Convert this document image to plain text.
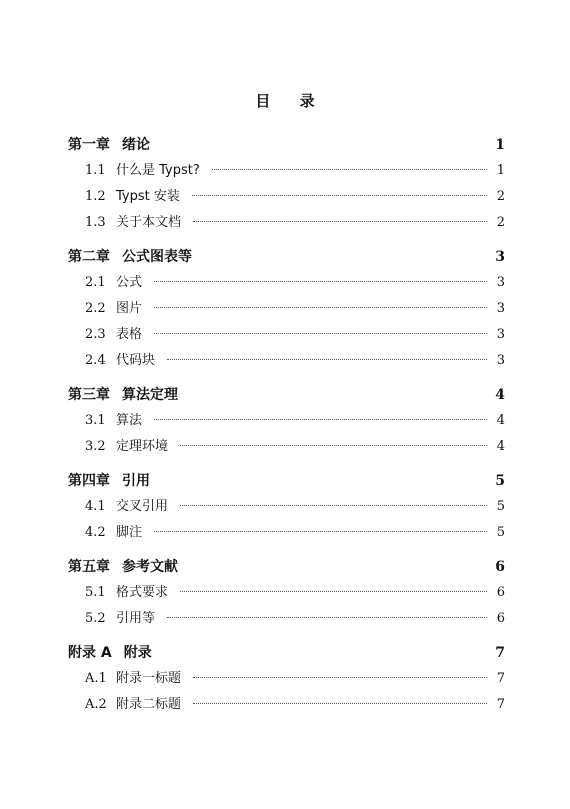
目 录
第一章 绪论	1
1.1 什么是 Typst?	1
1.2 Typst 安装	2
1.3 关于本文档	2
第二章 公式图表等	3
2.1 公式	3
2.2 图片	3
2.3 表格	3
2.4 代码块	3
第三章 算法定理	4
3.1 算法	4
3.2 定理环境	4
第四章 引用	5
4.1 交叉引用	5
4.2 脚注	5
第五章 参考文献	6
5.1 格式要求	6
5.2 引用等	6
附录 A 附录	7
A.1 附录一标题	7
A.2 附录二标题	7
